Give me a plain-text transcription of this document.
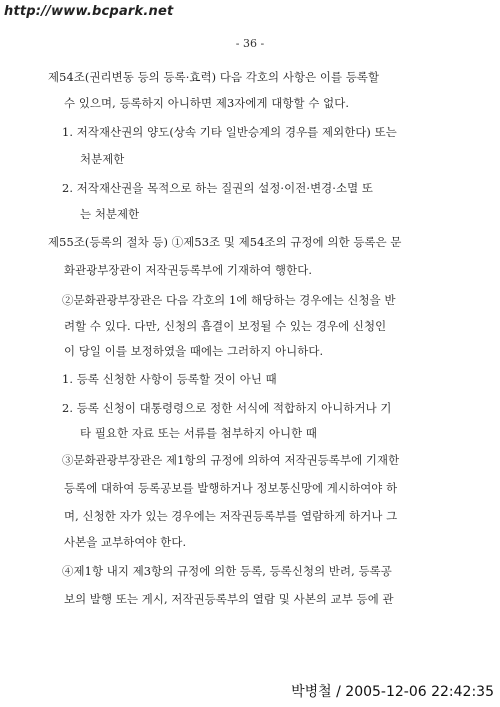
http://www.bcpark.net
- 36 -
제54조(권리변동 등의 등록·효력) 다음 각호의 사항은 이를 등록할
수 있으며, 등록하지 아니하면 제3자에게 대항할 수 없다.
1. 저작재산권의 양도(상속 기타 일반승계의 경우를 제외한다) 또는
처분제한
2. 저작재산권을 목적으로 하는 질권의 설정·이전·변경·소멸 또
는 처분제한
제55조(등록의 절차 등) ①제53조 및 제54조의 규정에 의한 등록은 문
화관광부장관이 저작권등록부에 기재하여 행한다.
②문화관광부장관은 다음 각호의 1에 해당하는 경우에는 신청을 반
려할 수 있다. 다만, 신청의 흠결이 보정될 수 있는 경우에 신청인
이 당일 이를 보정하였을 때에는 그러하지 아니하다.
1. 등록 신청한 사항이 등록할 것이 아닌 때
2. 등록 신청이 대통령령으로 정한 서식에 적합하지 아니하거나 기
타 필요한 자료 또는 서류를 첨부하지 아니한 때
③문화관광부장관은 제1항의 규정에 의하여 저작권등록부에 기재한
등록에 대하여 등록공보를 발행하거나 정보통신망에 게시하여야 하
며, 신청한 자가 있는 경우에는 저작권등록부를 열람하게 하거나 그
사본을 교부하여야 한다.
④제1항 내지 제3항의 규정에 의한 등록, 등록신청의 반려, 등록공
보의 발행 또는 게시, 저작권등록부의 열람 및 사본의 교부 등에 관
박병철 / 2005-12-06 22:42:35
